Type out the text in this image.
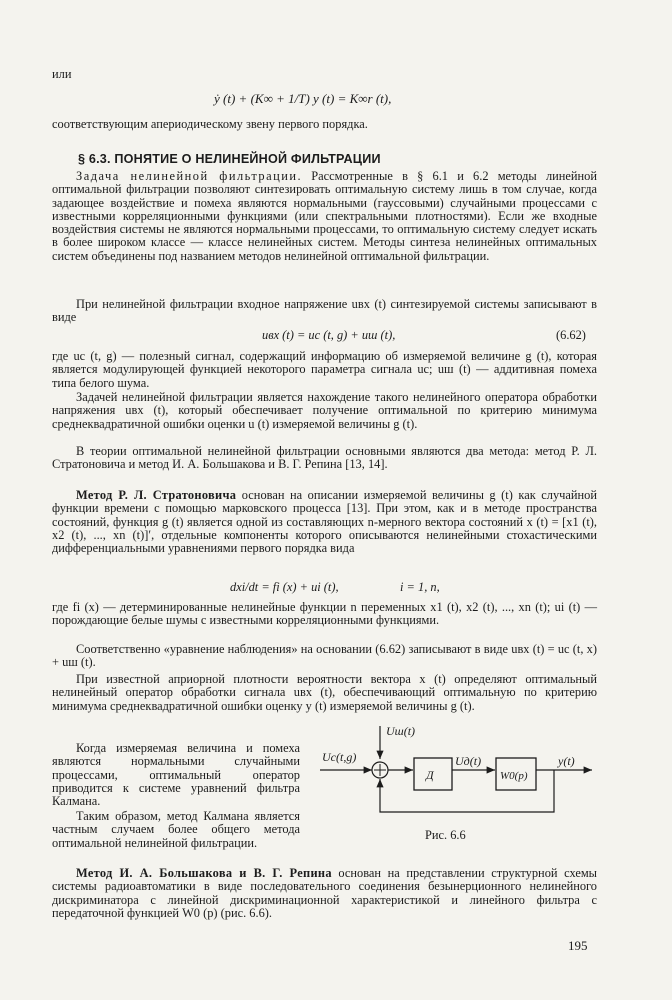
или
ẏ (t) + (K∞ + 1/T) y (t) = K∞r (t),
соответствующим апериодическому звену первого порядка.
§ 6.3. ПОНЯТИЕ О НЕЛИНЕЙНОЙ ФИЛЬТРАЦИИ
Задача нелинейной фильтрации. Рассмотренные в § 6.1 и 6.2 методы линейной оптимальной фильтрации позволяют синтезировать оптимальную систему лишь в том случае, когда задающее воздействие и помеха являются нормальными (гауссовыми) случайными процессами с известными корреляционными функциями (или спектральными плотностями). Если же входные воздействия системы не являются нормальными процессами, то оптимальную систему следует искать в более широком классе — классе нелинейных систем. Методы синтеза нелинейных оптимальных систем объединены под названием методов нелинейной оптимальной фильтрации.
При нелинейной фильтрации входное напряжение uвх (t) синтезируемой системы записывают в виде
uвх (t) = uс (t, g) + uш (t),	(6.62)
где uс (t, g) — полезный сигнал, содержащий информацию об измеряемой величине g (t), которая является модулирующей функцией некоторого параметра сигнала uс; uш (t) — аддитивная помеха типа белого шума.
Задачей нелинейной фильтрации является нахождение такого нелинейного оператора обработки напряжения uвх (t), который обеспечивает получение оптимальной по критерию минимума среднеквадратичной ошибки оценки u (t) измеряемой величины g (t).
В теории оптимальной нелинейной фильтрации основными являются два метода: метод Р. Л. Стратоновича и метод И. А. Большакова и В. Г. Репина [13, 14].
Метод Р. Л. Стратоновича основан на описании измеряемой величины g (t) как случайной функции времени с помощью марковского процесса [13]. При этом, как и в методе пространства состояний, функция g (t) является одной из составляющих n-мерного вектора состояний x (t) = [x1 (t), x2 (t), ..., xn (t)]′, отдельные компоненты которого описываются нелинейными стохастическими дифференциальными уравнениями первого порядка вида
dxi/dt = fi (x) + ui (t),	i = 1, n,
где fi (x) — детерминированные нелинейные функции n переменных x1 (t), x2 (t), ..., xn (t); ui (t) — порождающие белые шумы с известными корреляционными функциями.
Соответственно «уравнение наблюдения» на основании (6.62) записывают в виде uвх (t) = uс (t, x) + uш (t).
При известной априорной плотности вероятности вектора x (t) определяют оптимальный нелинейный оператор обработки сигнала uвх (t), обеспечивающий оптимальную по критерию минимума среднеквадратичной ошибки оценку y (t) измеряемой величины g (t).
Когда измеряемая величина и помеха являются нормальными случайными процессами, оптимальный оператор приводится к системе уравнений фильтра Калмана.
Таким образом, метод Калмана является частным случаем более общего метода оптимальной нелинейной фильтрации.
Uш(t)
Uс(t,g)
Д
Uд(t)
W0(p)
y(t)
Рис. 6.6
Метод И. А. Большакова и В. Г. Репина основан на представлении структурной схемы системы радиоавтоматики в виде последовательного соединения безынерционного нелинейного дискриминатора с линейной дискриминационной характеристикой и линейного фильтра с передаточной функцией W0 (p) (рис. 6.6).
195
